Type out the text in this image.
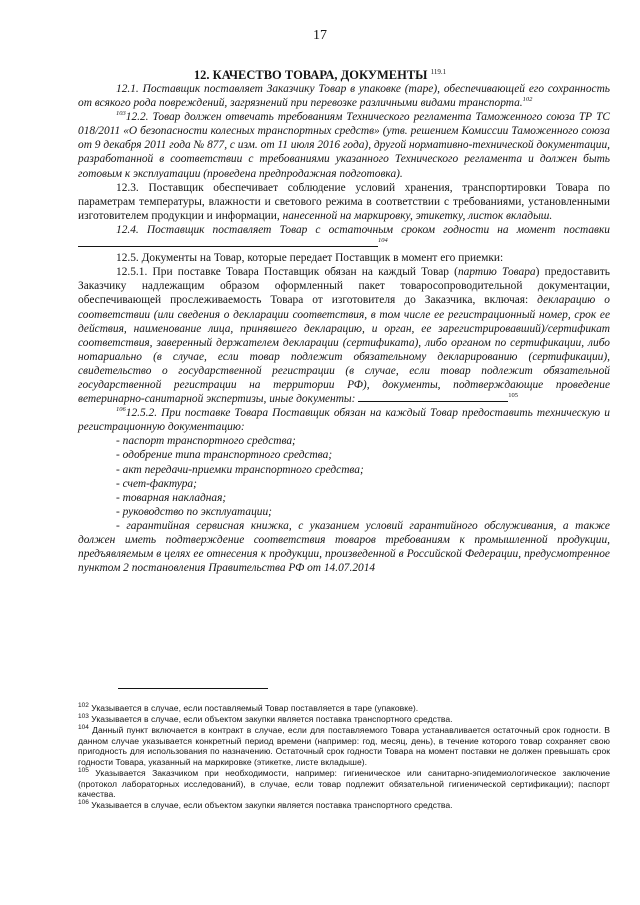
17
12. КАЧЕСТВО ТОВАРА, ДОКУМЕНТЫ $^{119.1}$

12.1. Поставщик поставляет Заказчику Товар в упаковке (таре), обеспечивающей его сохранность от всякого рода повреждений, загрязнений при перевозке различными видами транспорта.$^{102}$

$^{103}$12.2. Товар должен отвечать требованиям Технического регламента Таможенного союза ТР ТС 018/2011 «О безопасности колесных транспортных средств» (утв. решением Комиссии Таможенного союза от 9 декабря 2011 года № 877, с изм. от 11 июля 2016 года), другой нормативно-технической документации, разработанной в соответствии с требованиями указанного Технического регламента и должен быть готовым к эксплуатации (проведена предпродажная подготовка).

12.3. Поставщик обеспечивает соблюдение условий хранения, транспортировки Товара по параметрам температуры, влажности и светового режима в соответствии с требованиями, установленными изготовителем продукции и информации, нанесенной на маркировку, этикетку, листок вкладыш.

12.4. Поставщик поставляет Товар с остаточным сроком годности на момент поставки $^{104}$

12.5. Документы на Товар, которые передает Поставщик в момент его приемки:

12.5.1. При поставке Товара Поставщик обязан на каждый Товар (партию Товара) предоставить Заказчику надлежащим образом оформленный пакет товаросопроводительной документации, обеспечивающей прослеживаемость Товара от изготовителя до Заказчика, включая: декларацию о соответствии (или сведения о декларации соответствия, в том числе ее регистрационный номер, срок ее действия, наименование лица, принявшего декларацию, и орган, ее зарегистрировавший)/сертификат соответствия, заверенный держателем декларации (сертификата), либо органом по сертификации, либо нотариально (в случае, если товар подлежит обязательному декларированию (сертификации), свидетельство о государственной регистрации (в случае, если товар подлежит обязательной государственной регистрации на территории РФ), документы, подтверждающие проведение ветеринарно-санитарной экспертизы, иные документы:	$^{105}$

$^{106}$12.5.2. При поставке Товара Поставщик обязан на каждый Товар предоставить техническую и регистрационную документацию:

- паспорт транспортного средства;

- одобрение типа транспортного средства;

- акт передачи-приемки транспортного средства;

- счет-фактура;

- товарная накладная;

- руководство по эксплуатации;

- гарантийная сервисная книжка, с указанием условий гарантийного обслуживания, а также должен иметь подтверждение соответствия товаров требованиям к промышленной продукции, предъявляемым в целях ее отнесения к продукции, произведенной в Российской Федерации, предусмотренное пунктом 2 постановления Правительства РФ от 14.07.2014

$^{102}$ Указывается в случае, если поставляемый Товар поставляется в таре (упаковке).

$^{103}$ Указывается в случае, если объектом закупки является поставка транспортного средства.

$^{104}$ Данный пункт включается в контракт в случае, если для поставляемого Товара устанавливается остаточный срок годности. В данном случае указывается конкретный период времени (например: год, месяц, день), в течение которого товар сохраняет свою пригодность для использования по назначению. Остаточный срок годности Товара на момент поставки не должен превышать срок годности Товара, указанный на маркировке (этикетке, листе вкладыше).

$^{105}$ Указывается Заказчиком при необходимости, например: гигиеническое или санитарно-эпидемиологическое заключение (протокол лабораторных исследований), в случае, если товар подлежит обязательной гигиенической сертификации); паспорт качества.

$^{106}$ Указывается в случае, если объектом закупки является поставка транспортного средства.
